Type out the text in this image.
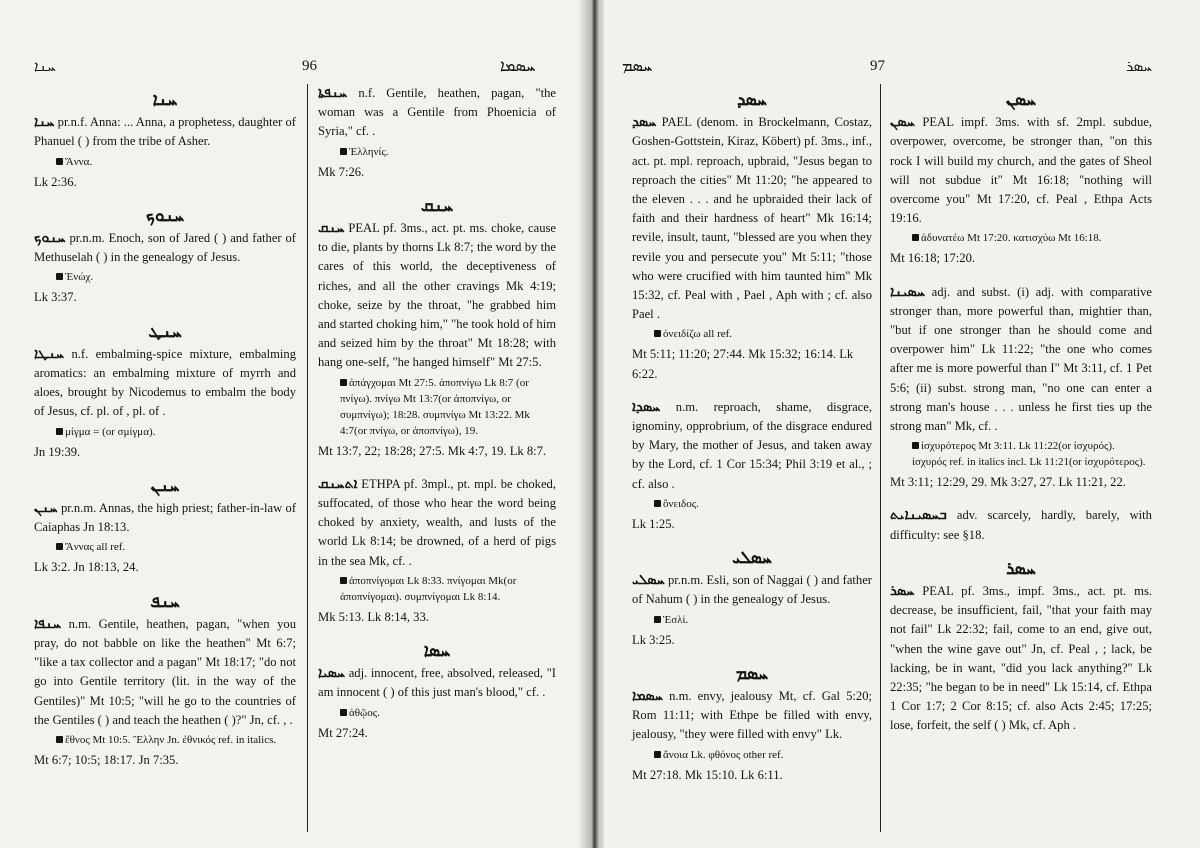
ܚܢܐ	96	ܚܣܡܐ
ܚܢܐ
ܚܢܐ pr.n.f. Anna: ... Anna, a prophetess, daughter of Phanuel ( ) from the tribe of Asher.
Ἄννα.
Lk 2:36.
ܚܢܘܟ
ܚܢܘܟ pr.n.m. Enoch, son of Jared ( ) and father of Methuselah ( ) in the genealogy of Jesus.
Ἑνώχ.
Lk 3:37.
ܚܢܛ
ܚܢܛܐ n.f. embalming-spice mixture, embalming aromatics: an embalming mixture of myrrh and aloes, brought by Nicodemus to embalm the body of Jesus, cf. pl. of , pl. of .
μίγμα = (or σμίγμα).
Jn 19:39.
ܚܢܢ
ܚܢܢ pr.n.m. Annas, the high priest; father-in-law of Caiaphas Jn 18:13.
Ἄννας all ref.
Lk 3:2. Jn 18:13, 24.
ܚܢܦ
ܚܢܦܐ n.m. Gentile, heathen, pagan, "when you pray, do not babble on like the heathen" Mt 6:7; "like a tax collector and a pagan" Mt 18:17; "do not go into Gentile territory (lit. in the way of the Gentiles)" Mt 10:5; "will he go to the countries of the Gentiles ( ) and teach the heathen ( )?" Jn, cf. , .
ἔθνος Mt 10:5. Ἕλλην Jn. ἐθνικός ref. in italics.
Mt 6:7; 10:5; 18:17. Jn 7:35.
ܚܢܦܬܐ n.f. Gentile, heathen, pagan, "the woman was a Gentile from Phoenicia of Syria," cf. .
Ἑλληνίς.
Mk 7:26.
ܚܢܩ
ܚܢܩ PEAL pf. 3ms., act. pt. ms. choke, cause to die, plants by thorns Lk 8:7; the word by the cares of this world, the deceptiveness of riches, and all the other cravings Mk 4:19; choke, seize by the throat, "he grabbed him and started choking him," "he took hold of him and seized him by the throat" Mt 18:28; with hang one-self, "he hanged himself" Mt 27:5.
ἀπάγχομαι Mt 27:5. ἀποπνίγω Lk 8:7 (or πνίγω). πνίγω Mt 13:7(or ἀποπνίγω, or συμπνίγω); 18:28. συμπνίγω Mt 13:22. Mk 4:7(or πνίγω, or ἀποπνίγω), 19.
Mt 13:7, 22; 18:28; 27:5. Mk 4:7, 19. Lk 8:7.
ܐܬܚܢܩ ETHPA pf. 3mpl., pt. mpl. be choked, suffocated, of those who hear the word being choked by anxiety, wealth, and lusts of the world Lk 8:14; be drowned, of a herd of pigs in the sea Mk, cf. .
ἀποπνίγομαι Lk 8:33. πνίγομαι Mk(or ἀποπνίγομαι). συμπνίγομαι Lk 8:14.
Mk 5:13. Lk 8:14, 33.
ܚܣܐ
ܚܣܝܐ adj. innocent, free, absolved, released, "I am innocent ( ) of this just man's blood," cf. .
ἀθῷος.
Mt 27:24.
ܚܣܡ	97	ܚܣܪ
ܚܣܕ
ܚܣܕ PAEL (denom. in Brockelmann, Costaz, Goshen-Gottstein, Kiraz, Köbert) pf. 3ms., inf., act. pt. mpl. reproach, upbraid, "Jesus began to reproach the cities" Mt 11:20; "he appeared to the eleven . . . and he upbraided their lack of faith and their hardness of heart" Mk 16:14; revile, insult, taunt, "blessed are you when they revile you and persecute you" Mt 5:11; "those who were crucified with him taunted him" Mk 15:32, cf. Peal with , Pael , Aph with ; cf. also Pael .
ὀνειδίζω all ref.
Mt 5:11; 11:20; 27:44. Mk 15:32; 16:14. Lk 6:22.
ܚܣܕܐ n.m. reproach, shame, disgrace, ignominy, opprobrium, of the disgrace endured by Mary, the mother of Jesus, and taken away by the Lord, cf. 1 Cor 15:34; Phil 3:19 et al., ; cf. also .
ὄνειδος.
Lk 1:25.
ܚܣܠܝ
ܚܣܠܝ pr.n.m. Esli, son of Naggai ( ) and father of Nahum ( ) in the genealogy of Jesus.
Ἑσλί.
Lk 3:25.
ܚܣܡ
ܚܣܡܐ n.m. envy, jealousy Mt, cf. Gal 5:20; Rom 11:11; with Ethpe be filled with envy, jealousy, "they were filled with envy" Lk.
ἄνοια Lk. φθόνος other ref.
Mt 27:18. Mk 15:10. Lk 6:11.
ܚܣܢ
ܚܣܢ PEAL impf. 3ms. with sf. 2mpl. subdue, overpower, overcome, be stronger than, "on this rock I will build my church, and the gates of Sheol will not subdue it" Mt 16:18; "nothing will overcome you" Mt 17:20, cf. Peal , Ethpa Acts 19:16.
ἀδυνατέω Mt 17:20. κατισχύω Mt 16:18.
Mt 16:18; 17:20.
ܚܣܝܢܐ adj. and subst. (i) adj. with comparative stronger than, more powerful than, mightier than, "but if one stronger than he should come and overpower him" Lk 11:22; "the one who comes after me is more powerful than I" Mt 3:11, cf. 1 Pet 5:6; (ii) subst. strong man, "no one can enter a strong man's house . . . unless he first ties up the strong man" Mk, cf. .
ἰσχυρότερος Mt 3:11. Lk 11:22(or ἰσχυρός). ἰσχυρός ref. in italics incl. Lk 11:21(or ἰσχυρότερος).
Mt 3:11; 12:29, 29. Mk 3:27, 27. Lk 11:21, 22.
ܒܚܣܝܢܐܝܬ adv. scarcely, hardly, barely, with difficulty: see §18.
ܚܣܪ
ܚܣܪ PEAL pf. 3ms., impf. 3ms., act. pt. ms. decrease, be insufficient, fail, "that your faith may not fail" Lk 22:32; fail, come to an end, give out, "when the wine gave out" Jn, cf. Peal , ; lack, be lacking, be in want, "did you lack anything?" Lk 22:35; "he began to be in need" Lk 15:14, cf. Ethpa 1 Cor 1:7; 2 Cor 8:15; cf. also Acts 2:45; 17:25; lose, forfeit, the self ( ) Mk, cf. Aph .
